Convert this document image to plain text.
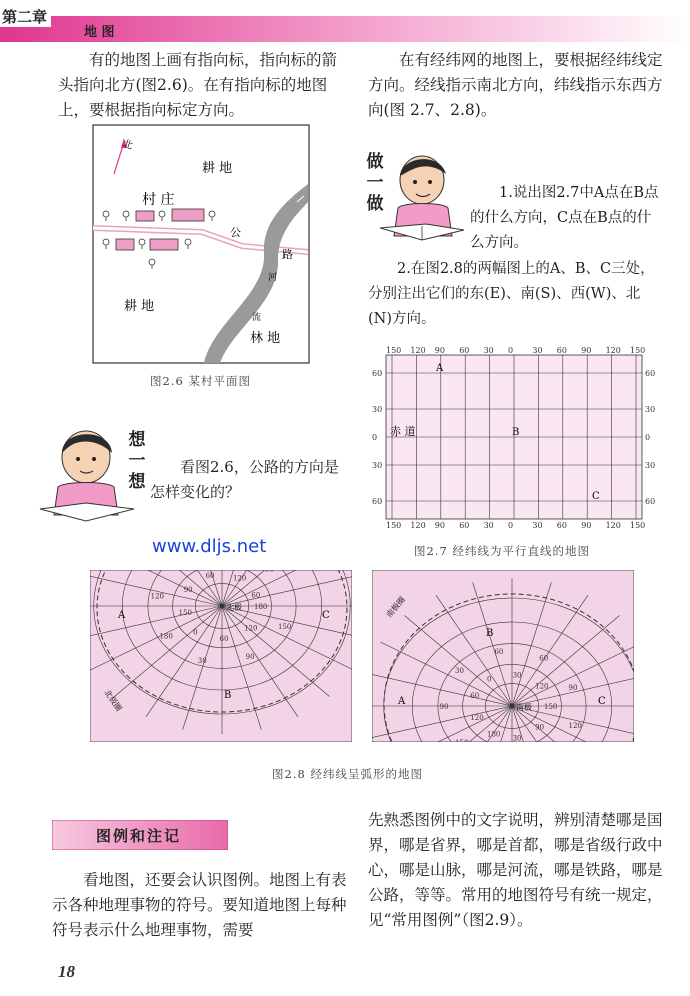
第二章
地 图

有的地图上画有指向标，指向标的箭头指向北方(图2.6)。在有指向标的地图上，要根据指向标定方向。

在有经纬网的地图上，要根据经纬线定方向。经线指示南北方向，纬线指示东西方向(图 2.7、2.8)。

北
耕 地
村 庄
公
路
河
流
耕 地
林 地
图2.6 某村平面图
做一做
1.说出图2.7中A点在B点的什么方向，C点在B点的什么方向。
2.在图2.8的两幅图上的A、B、C三处，分别注出它们的东(E)、南(S)、西(W)、北(N)方向。
想一想

看图2.6，公路的方向是怎样变化的？

www.dljs.net
150
150
120
120
90
90
60
60
30
30
0
0
30
30
60
60
90
90
120
120
150
150
60	60
30	30
0	0
30	30
60	60
赤 道
A
B
C
图2.7 经纬线为平行直线的地图
180
150
120
90
60
30
0
180
150
120
90
60	120
60
北极
A
B
C
北极圈	150
120
90
30
180
120
90
60
30
0
60
30
60
120	90
南极
A
B
C
南极圈
图2.8 经纬线呈弧形的地图
图例和注记

看地图，还要会认识图例。地图上有表示各种地理事物的符号。要知道地图上每种符号表示什么地理事物，需要

先熟悉图例中的文字说明，辨别清楚哪是国界，哪是省界，哪是首都，哪是省级行政中心，哪是山脉，哪是河流，哪是铁路，哪是公路，等等。常用的地图符号有统一规定，见“常用图例”（图2.9）。

18
